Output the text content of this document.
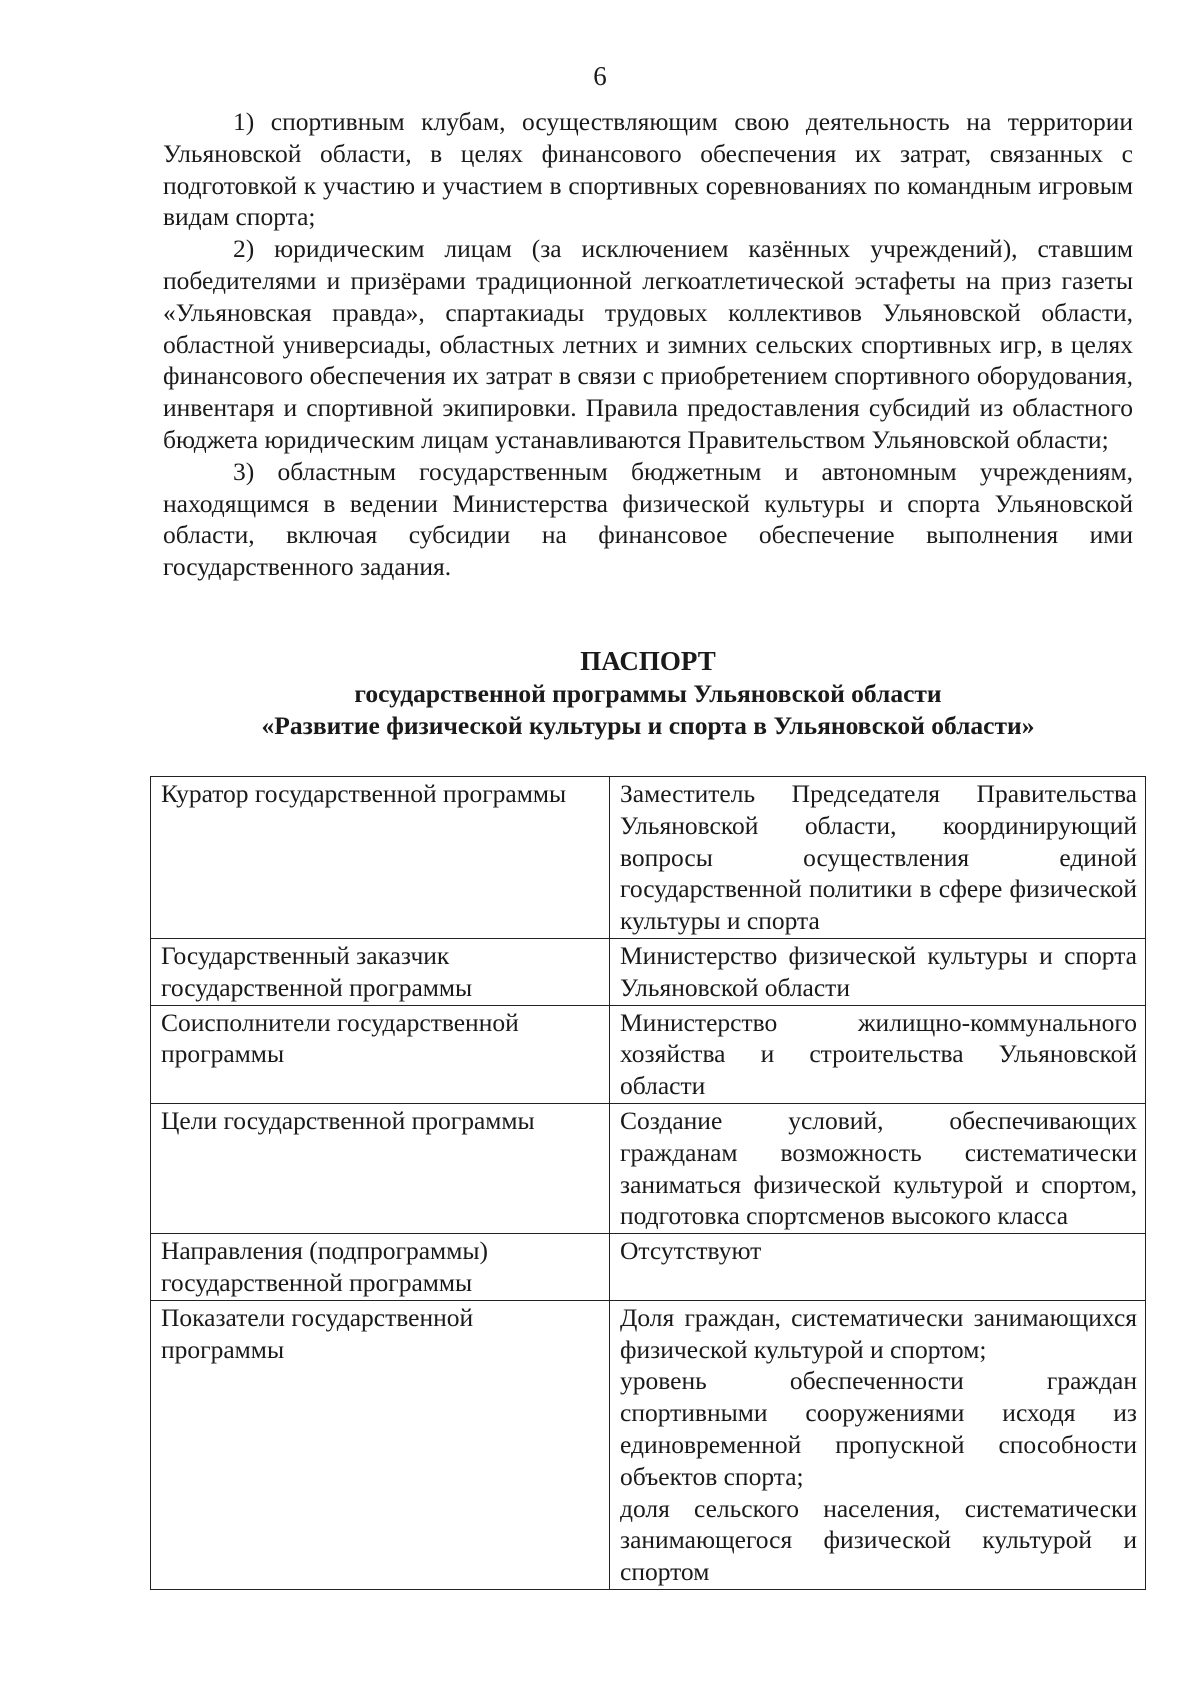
6

1) спортивным клубам, осуществляющим свою деятельность на территории Ульяновской области, в целях финансового обеспечения их затрат, связанных с подготовкой к участию и участием в спортивных соревнованиях по командным игровым видам спорта;

2) юридическим лицам (за исключением казённых учреждений), ставшим победителями и призёрами традиционной легкоатлетической эстафеты на приз газеты «Ульяновская правда», спартакиады трудовых коллективов Ульяновской области, областной универсиады, областных летних и зимних сельских спортивных игр, в целях финансового обеспечения их затрат в связи с приобретением спортивного оборудования, инвентаря и спортивной экипировки. Правила предоставления субсидий из областного бюджета юридическим лицам устанавливаются Правительством Ульяновской области;

3) областным государственным бюджетным и автономным учреждениям, находящимся в ведении Министерства физической культуры и спорта Ульяновской области, включая субсидии на финансовое обеспечение выполнения ими государственного задания.

ПАСПОРТ
государственной программы Ульяновской области
«Развитие физической культуры и спорта в Ульяновской области»
Куратор государственной программы	Заместитель Председателя Правительства Ульяновской области, координирующий вопросы осуществления единой государственной политики в сфере физической культуры и спорта
Государственный заказчик государственной программы	Министерство физической культуры и спорта Ульяновской области
Соисполнители государственной программы	Министерство жилищно-коммунального хозяйства и строительства Ульяновской области
Цели государственной программы	Создание условий, обеспечивающих гражданам возможность систематически заниматься физической культурой и спортом, подготовка спортсменов высокого класса
Направления (подпрограммы) государственной программы	Отсутствуют
Показатели государственной программы	Доля граждан, систематически занимающихся физической культурой и спортом;
уровень обеспеченности граждан спортивными сооружениями исходя из единовременной пропускной способности объектов спорта;
доля сельского населения, систематически занимающегося физической культурой и спортом
